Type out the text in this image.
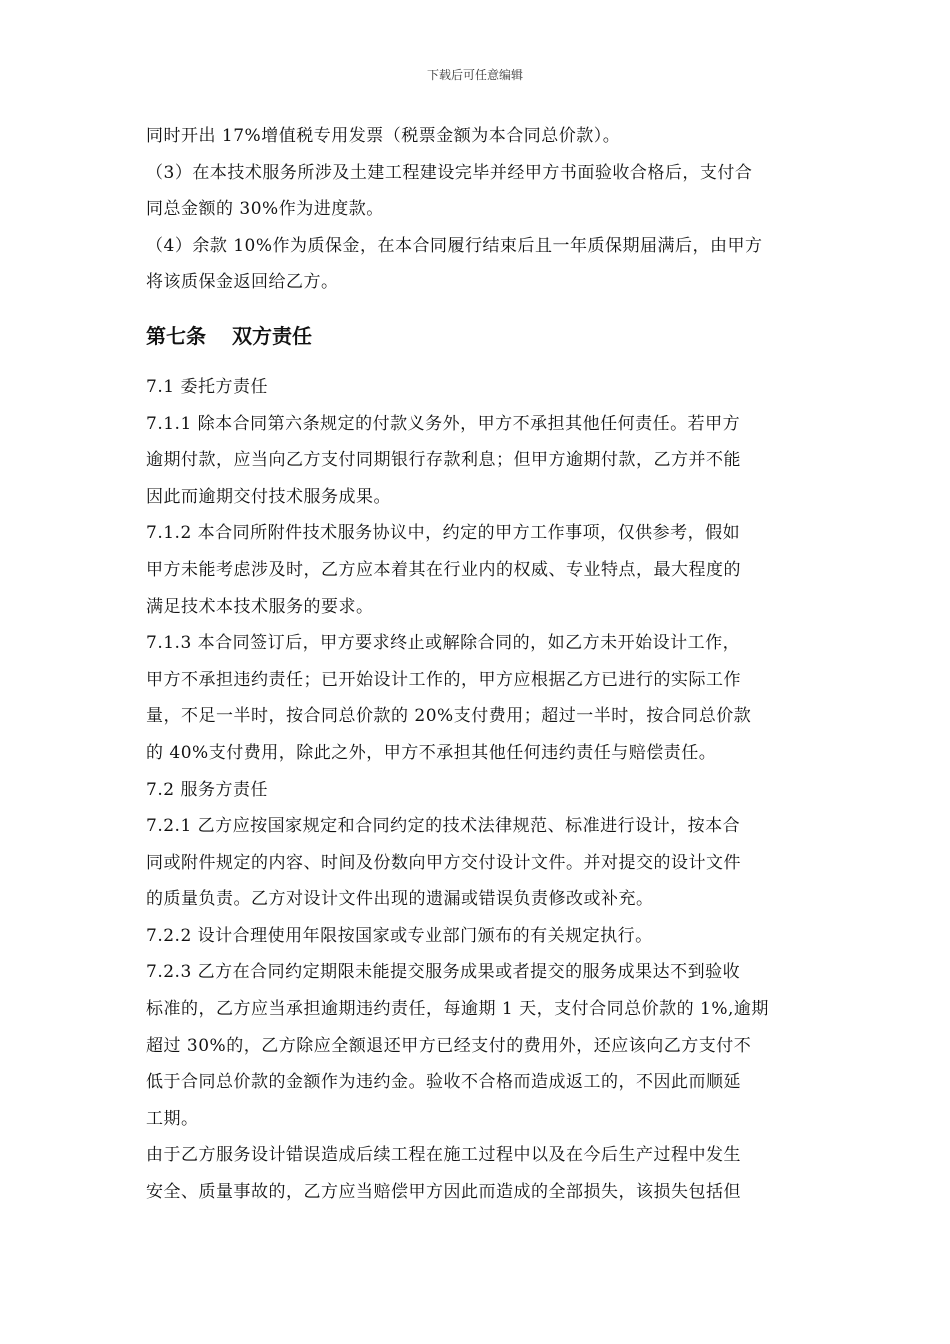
下载后可任意编辑
同时开出 17%增值税专用发票（税票金额为本合同总价款）。
（3）在本技术服务所涉及土建工程建设完毕并经甲方书面验收合格后，支付合
同总金额的 30%作为进度款。
（4）余款 10%作为质保金，在本合同履行结束后且一年质保期届满后，由甲方
将该质保金返回给乙方。
第七条 双方责任
7.1 委托方责任
7.1.1 除本合同第六条规定的付款义务外，甲方不承担其他任何责任。若甲方
逾期付款，应当向乙方支付同期银行存款利息；但甲方逾期付款，乙方并不能
因此而逾期交付技术服务成果。
7.1.2 本合同所附件技术服务协议中，约定的甲方工作事项，仅供参考，假如
甲方未能考虑涉及时，乙方应本着其在行业内的权威、专业特点，最大程度的
满足技术本技术服务的要求。
7.1.3 本合同签订后，甲方要求终止或解除合同的，如乙方未开始设计工作，
甲方不承担违约责任；已开始设计工作的，甲方应根据乙方已进行的实际工作
量，不足一半时，按合同总价款的 20%支付费用；超过一半时，按合同总价款
的 40%支付费用，除此之外，甲方不承担其他任何违约责任与赔偿责任。
7.2 服务方责任
7.2.1 乙方应按国家规定和合同约定的技术法律规范、标准进行设计，按本合
同或附件规定的内容、时间及份数向甲方交付设计文件。并对提交的设计文件
的质量负责。乙方对设计文件出现的遗漏或错误负责修改或补充。
7.2.2 设计合理使用年限按国家或专业部门颁布的有关规定执行。
7.2.3 乙方在合同约定期限未能提交服务成果或者提交的服务成果达不到验收
标准的，乙方应当承担逾期违约责任，每逾期 1 天，支付合同总价款的 1%,逾期
超过 30%的，乙方除应全额退还甲方已经支付的费用外，还应该向乙方支付不
低于合同总价款的金额作为违约金。验收不合格而造成返工的，不因此而顺延
工期。
由于乙方服务设计错误造成后续工程在施工过程中以及在今后生产过程中发生
安全、质量事故的，乙方应当赔偿甲方因此而造成的全部损失，该损失包括但
